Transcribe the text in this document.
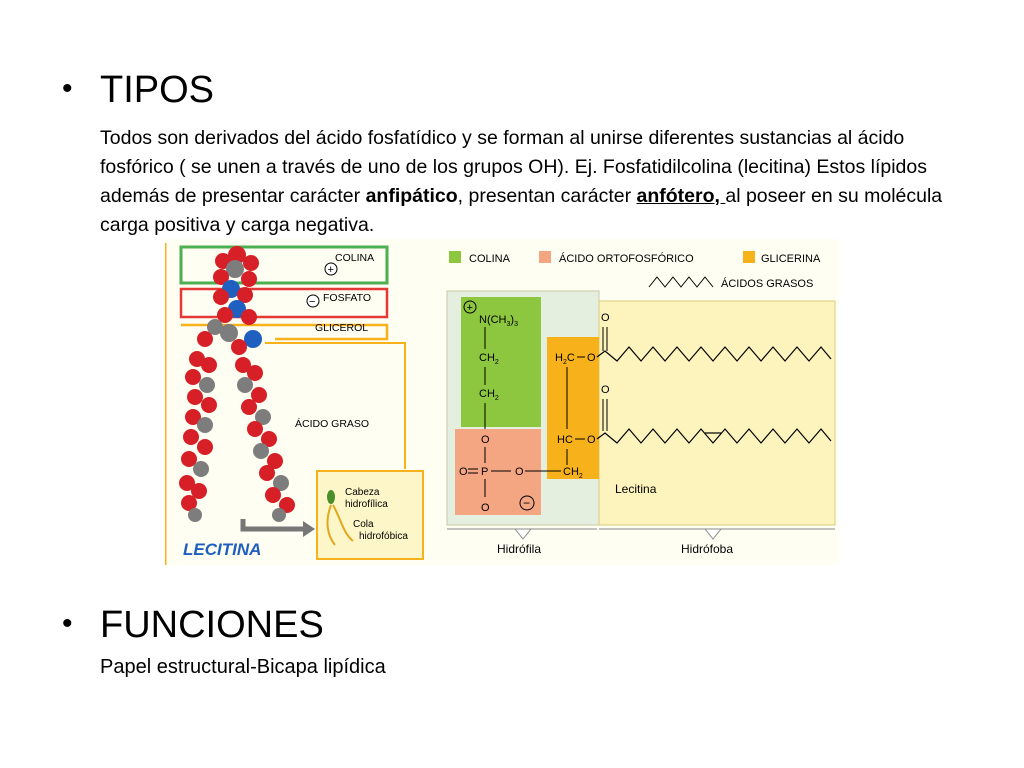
• TIPOS
Todos son derivados del ácido fosfatídico y se forman al unirse diferentes sustancias al ácido fosfórico ( se unen a través de uno de los grupos OH). Ej. Fosfatidilcolina (lecitina) Estos lípidos además de presentar carácter anfipático, presentan carácter anfótero, al poseer en su molécula carga positiva y carga negativa.
COLINA
+
FOSFATO
−
GLICEROL
ÁCIDO GRASO
Cabeza
hidrofílica
Cola
hidrofóbica
LECITINA
COLINA	ÁCIDO ORTOFOSFÓRICO	GLICERINA
ÁCIDOS GRASOS
+
$N(CH_3)_3$
$CH_2$
$CH_2$
O
O P O
O	−
$H_2C$ O
HC O
$CH_2$
O
O
Lecitina
Hidrófila	Hidrófoba
• FUNCIONES
Papel estructural-Bicapa lipídica
